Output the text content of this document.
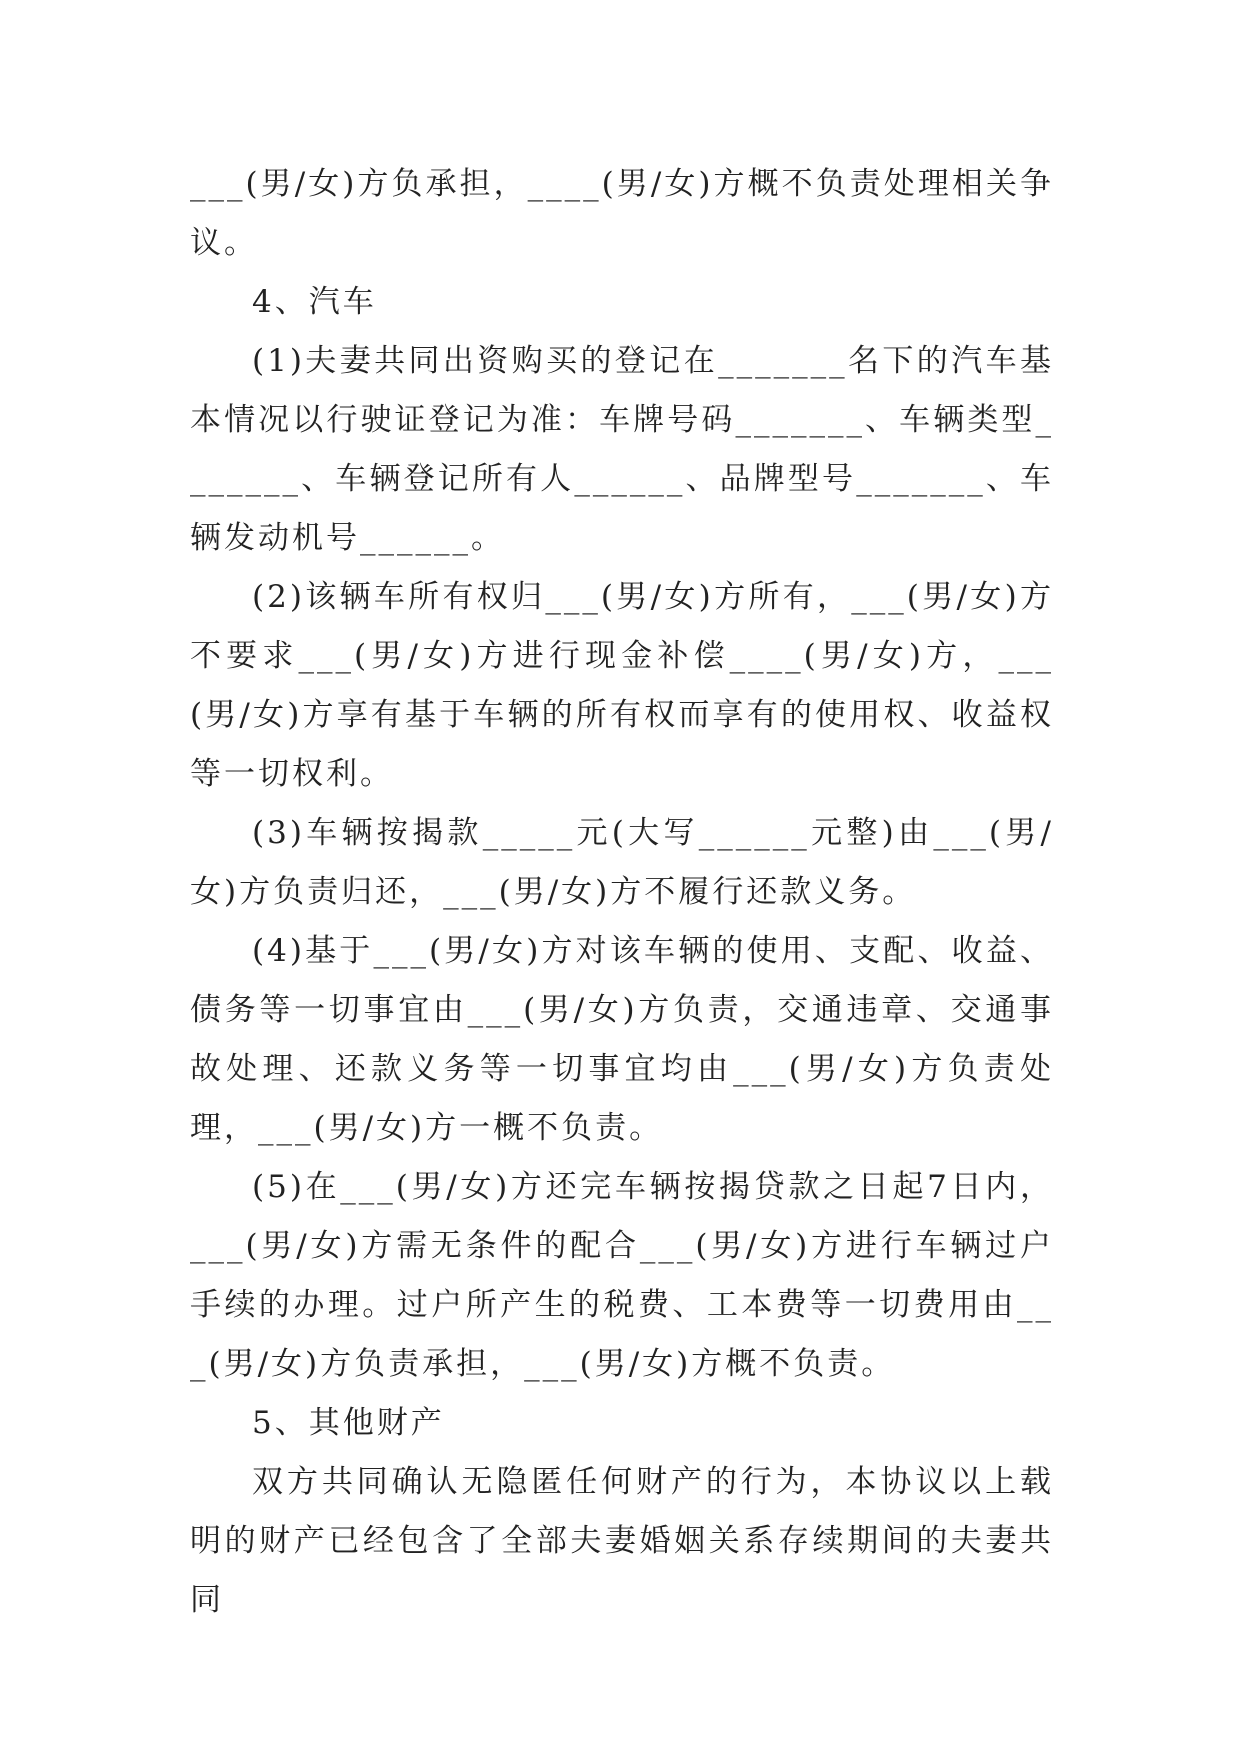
___(男/女)方负承担，____(男/女)方概不负责处理相关争议。

4、汽车

(1)夫妻共同出资购买的登记在_______名下的汽车基本情况以行驶证登记为准：车牌号码_______、车辆类型_______、车辆登记所有人______、品牌型号_______、车辆发动机号______。

(2)该辆车所有权归___(男/女)方所有，___(男/女)方不要求___(男/女)方进行现金补偿____(男/女)方，___(男/女)方享有基于车辆的所有权而享有的使用权、收益权等一切权利。

(3)车辆按揭款_____元(大写______元整)由___(男/女)方负责归还，___(男/女)方不履行还款义务。

(4)基于___(男/女)方对该车辆的使用、支配、收益、债务等一切事宜由___(男/女)方负责，交通违章、交通事故处理、还款义务等一切事宜均由___(男/女)方负责处理，___(男/女)方一概不负责。

(5)在___(男/女)方还完车辆按揭贷款之日起7日内，___(男/女)方需无条件的配合___(男/女)方进行车辆过户手续的办理。过户所产生的税费、工本费等一切费用由___(男/女)方负责承担，___(男/女)方概不负责。

5、其他财产

双方共同确认无隐匿任何财产的行为，本协议以上载明的财产已经包含了全部夫妻婚姻关系存续期间的夫妻共同
